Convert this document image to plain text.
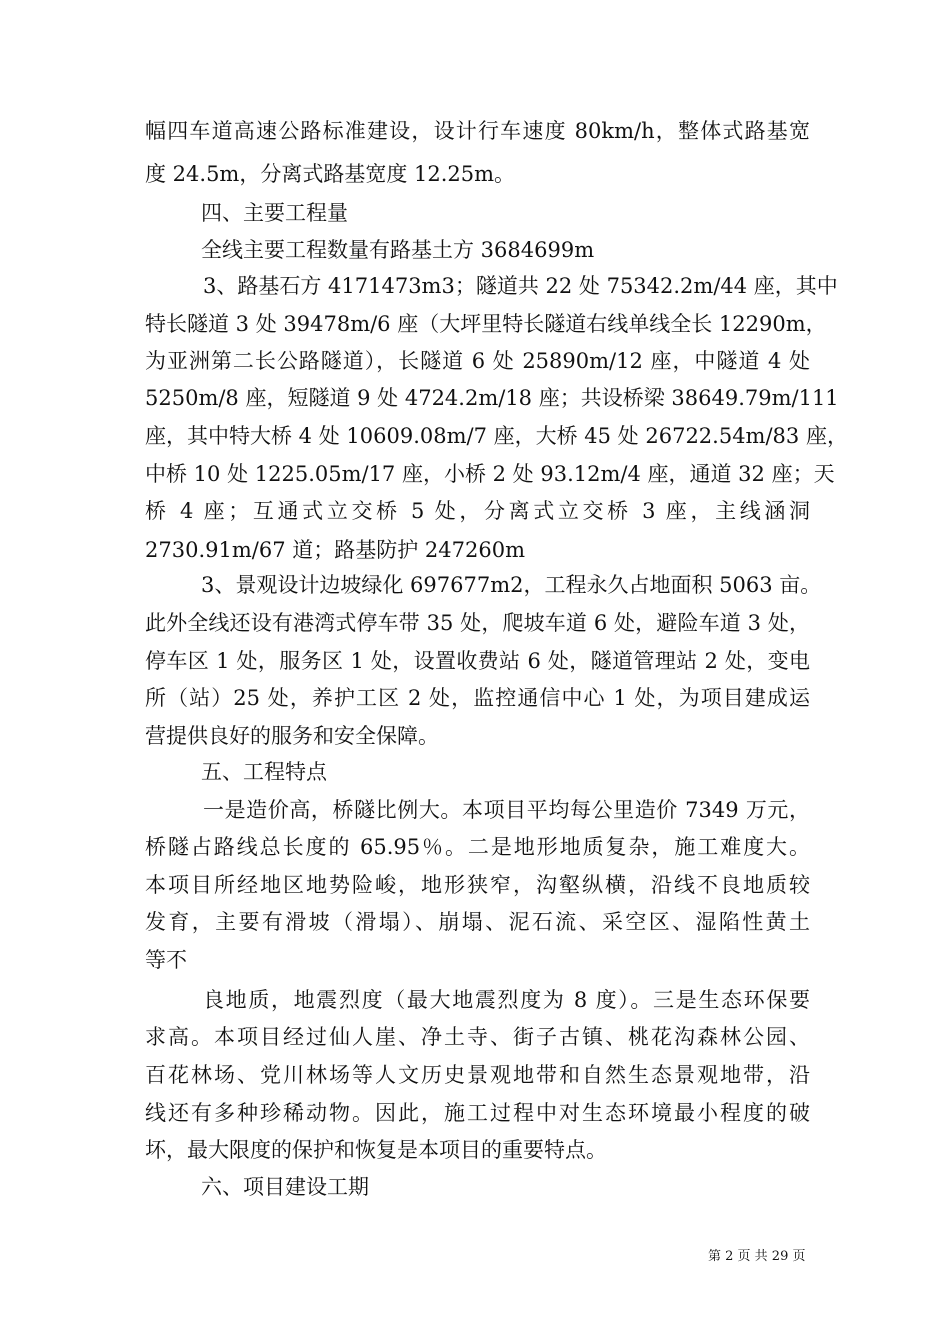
幅四车道高速公路标准建设，设计行车速度 80km/h，整体式路基宽
度 24.5m，分离式路基宽度 12.25m。
四、主要工程量
全线主要工程数量有路基土方 3684699m
3、路基石方 4171473m3；隧道共 22 处 75342.2m/44 座，其中
特长隧道 3 处 39478m/6 座（大坪里特长隧道右线单线全长 12290m，
为亚洲第二长公路隧道），长隧道 6 处 25890m/12 座，中隧道 4 处
5250m/8 座，短隧道 9 处 4724.2m/18 座；共设桥梁 38649.79m/111
座，其中特大桥 4 处 10609.08m/7 座，大桥 45 处 26722.54m/83 座，
中桥 10 处 1225.05m/17 座，小桥 2 处 93.12m/4 座，通道 32 座；天
桥 4 座；互通式立交桥 5 处，分离式立交桥 3 座，主线涵洞
2730.91m/67 道；路基防护 247260m
3、景观设计边坡绿化 697677m2，工程永久占地面积 5063 亩。
此外全线还设有港湾式停车带 35 处，爬坡车道 6 处，避险车道 3 处，
停车区 1 处，服务区 1 处，设置收费站 6 处，隧道管理站 2 处，变电
所（站）25 处，养护工区 2 处，监控通信中心 1 处，为项目建成运
营提供良好的服务和安全保障。
五、工程特点
一是造价高，桥隧比例大。本项目平均每公里造价 7349 万元，
桥隧占路线总长度的 65.95％。二是地形地质复杂，施工难度大。
本项目所经地区地势险峻，地形狭窄，沟壑纵横，沿线不良地质较
发育，主要有滑坡（滑塌）、崩塌、泥石流、采空区、湿陷性黄土
等不
良地质，地震烈度（最大地震烈度为 8 度）。三是生态环保要
求高。本项目经过仙人崖、净土寺、街子古镇、桃花沟森林公园、
百花林场、党川林场等人文历史景观地带和自然生态景观地带，沿
线还有多种珍稀动物。因此，施工过程中对生态环境最小程度的破
坏，最大限度的保护和恢复是本项目的重要特点。
六、项目建设工期
第 2 页 共 29 页
